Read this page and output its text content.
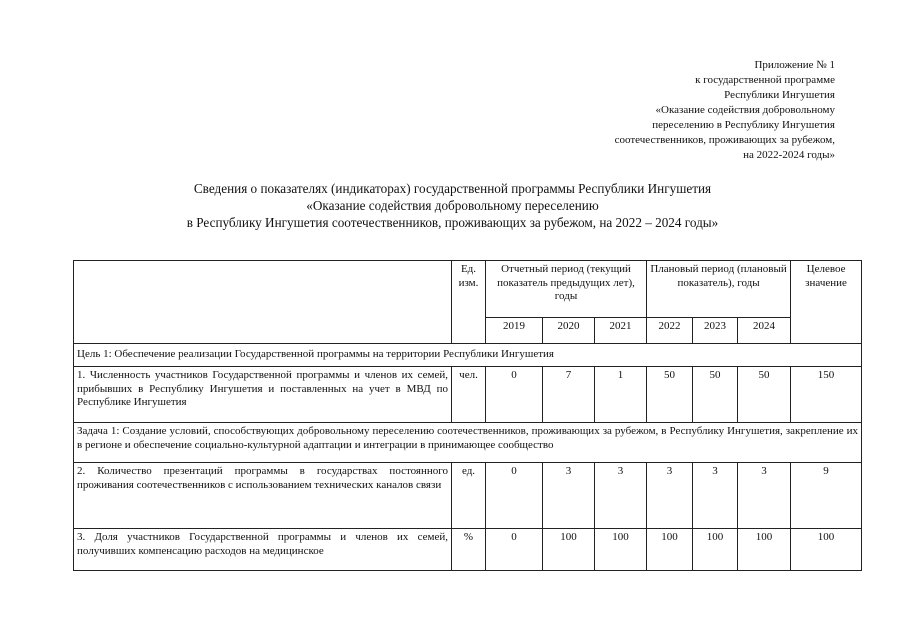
Приложение № 1
к государственной программе
Республики Ингушетия
«Оказание содействия добровольному
переселению в Республику Ингушетия
соотечественников, проживающих за рубежом,
на 2022-2024 годы»
Сведения о показателях (индикаторах) государственной программы Республики Ингушетия
«Оказание содействия добровольному переселению
в Республику Ингушетия соотечественников, проживающих за рубежом, на 2022 – 2024 годы»
	Ед. изм.	Отчетный период (текущий показатель предыдущих лет), годы			Плановый период (плановый показатель), годы			Целевое значение
		2019	2020	2021	2022	2023	2024	
Цель 1: Обеспечение реализации Государственной программы на территории Республики Ингушетия								
1. Численность участников Государственной программы и членов их семей, прибывших в Республику Ингушетия и поставленных на учет в МВД по Республике Ингушетия	чел.	0	7	1	50	50	50	150
Задача 1: Создание условий, способствующих добровольному переселению соотечественников, проживающих за рубежом, в Республику Ингушетия, закрепление их в регионе и обеспечение социально-культурной адаптации и интеграции в принимающее сообщество								
2. Количество презентаций программы в государствах постоянного проживания соотечественников с использованием технических каналов связи	ед.	0	3	3	3	3	3	9
3. Доля участников Государственной программы и членов их семей, получивших компенсацию расходов на медицинское	%	0	100	100	100	100	100	100
